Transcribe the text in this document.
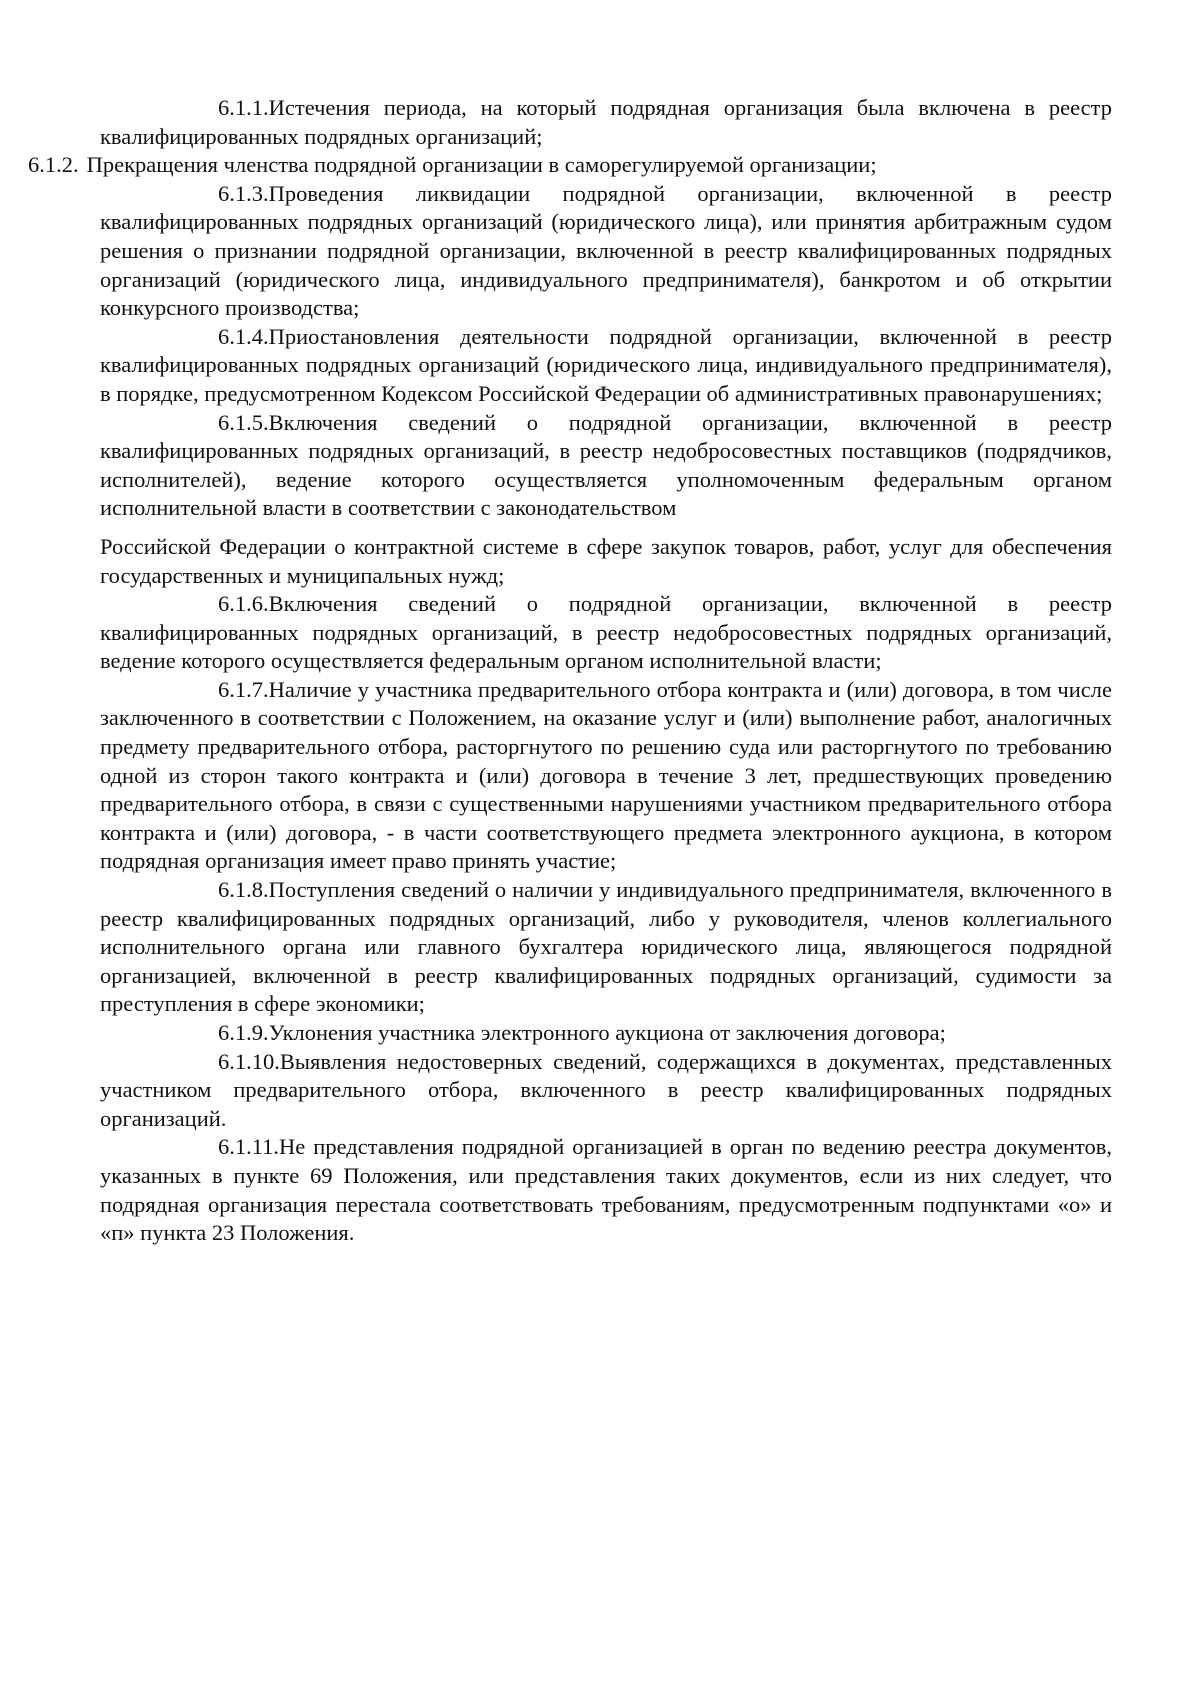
6.1.1.Истечения периода, на который подрядная организация была включена в реестр квалифицированных подрядных организаций;

6.1.2. Прекращения членства подрядной организации в саморегулируемой организации;

6.1.3.Проведения ликвидации подрядной организации, включенной в реестр квалифицированных подрядных организаций (юридического лица), или принятия арбитражным судом решения о признании подрядной организации, включенной в реестр квалифицированных подрядных организаций (юридического лица, индивидуального предпринимателя), банкротом и об открытии конкурсного производства;

6.1.4.Приостановления деятельности подрядной организации, включенной в реестр квалифицированных подрядных организаций (юридического лица, индивидуального предпринимателя), в порядке, предусмотренном Кодексом Российской Федерации об административных правонарушениях;

6.1.5.Включения сведений о подрядной организации, включенной в реестр квалифицированных подрядных организаций, в реестр недобросовестных поставщиков (подрядчиков, исполнителей), ведение которого осуществляется уполномоченным федеральным органом исполнительной власти в соответствии с законодательством

Российской Федерации о контрактной системе в сфере закупок товаров, работ, услуг для обеспечения государственных и муниципальных нужд;

6.1.6.Включения сведений о подрядной организации, включенной в реестр квалифицированных подрядных организаций, в реестр недобросовестных подрядных организаций, ведение которого осуществляется федеральным органом исполнительной власти;

6.1.7.Наличие у участника предварительного отбора контракта и (или) договора, в том числе заключенного в соответствии с Положением, на оказание услуг и (или) выполнение работ, аналогичных предмету предварительного отбора, расторгнутого по решению суда или расторгнутого по требованию одной из сторон такого контракта и (или) договора в течение 3 лет, предшествующих проведению предварительного отбора, в связи с существенными нарушениями участником предварительного отбора контракта и (или) договора, - в части соответствующего предмета электронного аукциона, в котором подрядная организация имеет право принять участие;

6.1.8.Поступления сведений о наличии у индивидуального предпринимателя, включенного в реестр квалифицированных подрядных организаций, либо у руководителя, членов коллегиального исполнительного органа или главного бухгалтера юридического лица, являющегося подрядной организацией, включенной в реестр квалифицированных подрядных организаций, судимости за преступления в сфере экономики;

6.1.9.Уклонения участника электронного аукциона от заключения договора;

6.1.10.Выявления недостоверных сведений, содержащихся в документах, представленных участником предварительного отбора, включенного в реестр квалифицированных подрядных организаций.

6.1.11.Не представления подрядной организацией в орган по ведению реестра документов, указанных в пункте 69 Положения, или представления таких документов, если из них следует, что подрядная организация перестала соответствовать требованиям, предусмотренным подпунктами «о» и «п» пункта 23 Положения.
